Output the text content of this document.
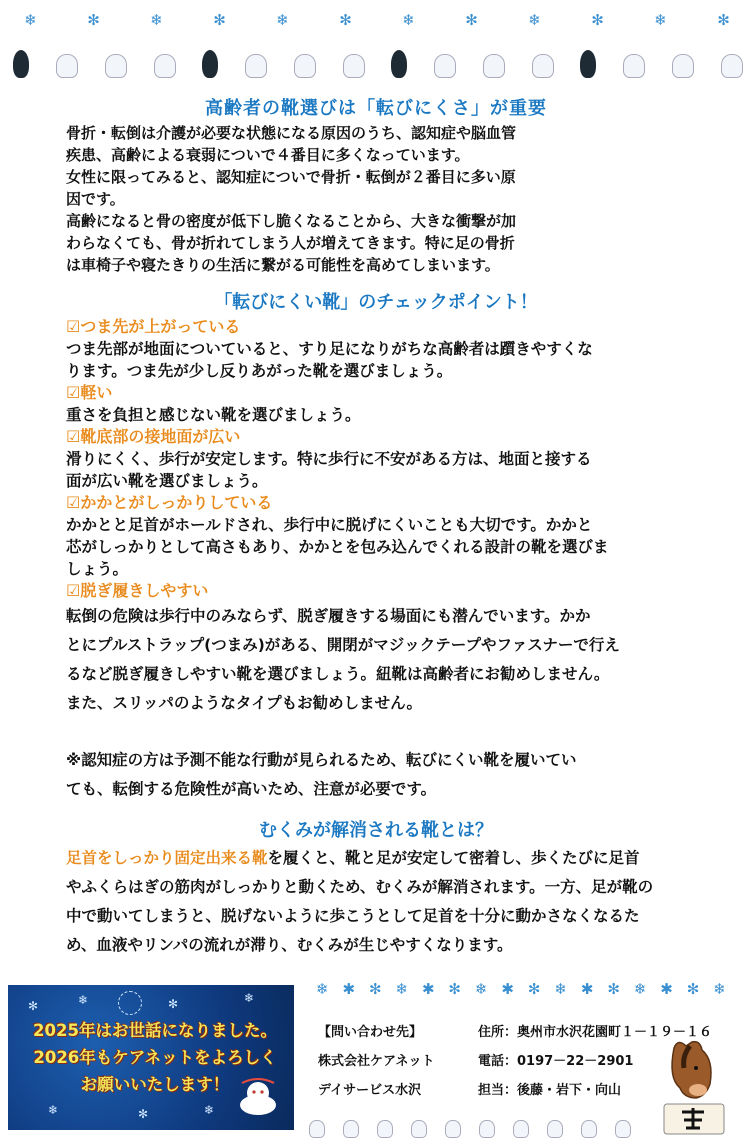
❄	✻	❄	✻	❄	✻	❄	✻	❄	✻	❄	✻
高齢者の靴選びは「転びにくさ」が重要

骨折・転倒は介護が必要な状態になる原因のうち、認知症や脳血管

疾患、高齢による衰弱についで４番目に多くなっています。

女性に限ってみると、認知症についで骨折・転倒が２番目に多い原

因です。

高齢になると骨の密度が低下し脆くなることから、大きな衝撃が加

わらなくても、骨が折れてしまう人が増えてきます。特に足の骨折

は車椅子や寝たきりの生活に繋がる可能性を高めてしまいます。

「転びにくい靴」のチェックポイント！

☑つま先が上がっている

つま先部が地面についていると、すり足になりがちな高齢者は躓きやすくな

ります。つま先が少し反りあがった靴を選びましょう。

☑軽い

重さを負担と感じない靴を選びましょう。

☑靴底部の接地面が広い

滑りにくく、歩行が安定します。特に歩行に不安がある方は、地面と接する

面が広い靴を選びましょう。

☑かかとがしっかりしている

かかとと足首がホールドされ、歩行中に脱げにくいことも大切です。かかと

芯がしっかりとして高さもあり、かかとを包み込んでくれる設計の靴を選びま

しょう。

☑脱ぎ履きしやすい

転倒の危険は歩行中のみならず、脱ぎ履きする場面にも潜んでいます。かか

とにプルストラップ(つまみ)がある、開閉がマジックテープやファスナーで行え

るなど脱ぎ履きしやすい靴を選びましょう。紐靴は高齢者にお勧めしません。

また、スリッパのようなタイプもお勧めしません。

※認知症の方は予測不能な行動が見られるため、転びにくい靴を履いてい

ても、転倒する危険性が高いため、注意が必要です。

むくみが解消される靴とは？

足首をしっかり固定出来る靴を履くと、靴と足が安定して密着し、歩くたびに足首

やふくらはぎの筋肉がしっかりと動くため、むくみが解消されます。一方、足が靴の

中で動いてしまうと、脱げないように歩こうとして足首を十分に動かさなくなるた

め、血液やリンパの流れが滞り、むくみが生じやすくなります。

✻	❄	✻	❄
❄	✻	❄
2025年はお世話になりました。
2026年もケアネットをよろしく
お願いいたします！
❄ ✱ ✻ ❄ ✱ ✻ ❄ ✱ ✻ ❄ ✱ ✻ ❄ ✱ ✻ ❄
【問い合わせ先】	住所：奥州市水沢花園町１－１９－１６
株式会社ケアネット	電話：0197－22－2901
デイサービス水沢	担当：後藤・岩下・向山
